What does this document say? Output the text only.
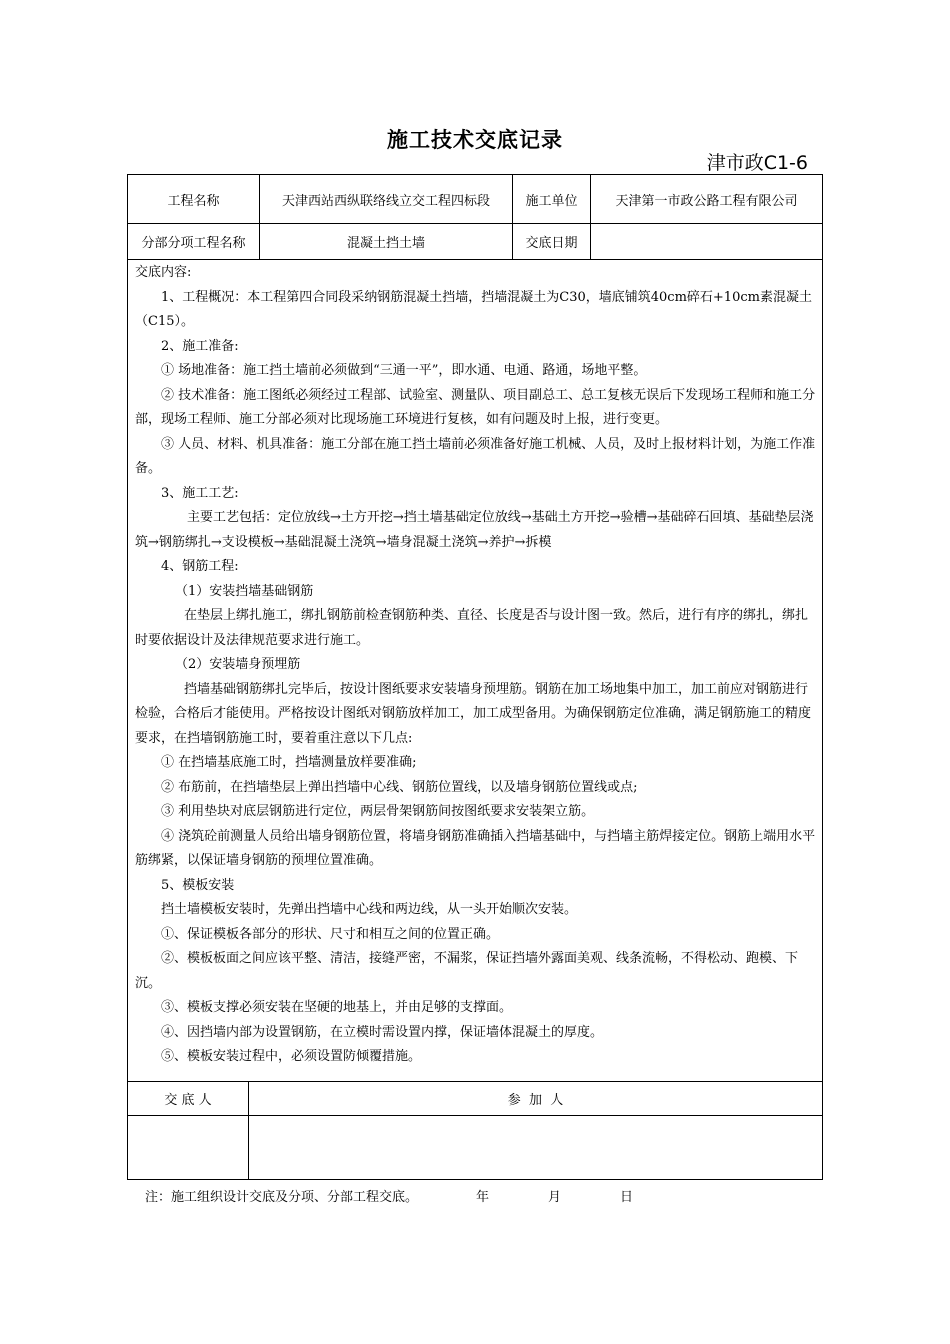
施工技术交底记录
津市政C1-6
工程名称	天津西站西纵联络线立交工程四标段	施工单位	天津第一市政公路工程有限公司
分部分项工程名称	混凝土挡土墙	交底日期

交底内容:

1、工程概况：本工程第四合同段采纳钢筋混凝土挡墙，挡墙混凝土为C30，墙底铺筑40cm碎石+10cm素混凝土（C15）。

2、施工准备:

① 场地准备：施工挡土墙前必须做到“三通一平”，即水通、电通、路通，场地平整。

② 技术准备：施工图纸必须经过工程部、试验室、测量队、项目副总工、总工复核无误后下发现场工程师和施工分部，现场工程师、施工分部必须对比现场施工环境进行复核，如有问题及时上报，进行变更。

③ 人员、材料、机具准备：施工分部在施工挡土墙前必须准备好施工机械、人员，及时上报材料计划，为施工作准备。

3、施工工艺:

主要工艺包括：定位放线→土方开挖→挡土墙基础定位放线→基础土方开挖→验槽→基础碎石回填、基础垫层浇筑→钢筋绑扎→支设模板→基础混凝土浇筑→墙身混凝土浇筑→养护→拆模

4、钢筋工程:

（1）安装挡墙基础钢筋

在垫层上绑扎施工，绑扎钢筋前检查钢筋种类、直径、长度是否与设计图一致。然后，进行有序的绑扎，绑扎时要依据设计及法律规范要求进行施工。

（2）安装墙身预埋筋

挡墙基础钢筋绑扎完毕后，按设计图纸要求安装墙身预埋筋。钢筋在加工场地集中加工，加工前应对钢筋进行检验，合格后才能使用。严格按设计图纸对钢筋放样加工，加工成型备用。为确保钢筋定位准确，满足钢筋施工的精度要求，在挡墙钢筋施工时，要着重注意以下几点:

① 在挡墙基底施工时，挡墙测量放样要准确;

② 布筋前，在挡墙垫层上弹出挡墙中心线、钢筋位置线，以及墙身钢筋位置线或点;

③ 利用垫块对底层钢筋进行定位，两层骨架钢筋间按图纸要求安装架立筋。

④ 浇筑砼前测量人员给出墙身钢筋位置，将墙身钢筋准确插入挡墙基础中，与挡墙主筋焊接定位。钢筋上端用水平筋绑紧，以保证墙身钢筋的预埋位置准确。

5、模板安装

挡土墙模板安装时，先弹出挡墙中心线和两边线，从一头开始顺次安装。

①、保证模板各部分的形状、尺寸和相互之间的位置正确。

②、模板板面之间应该平整、清洁，接缝严密，不漏浆，保证挡墙外露面美观、线条流畅，不得松动、跑模、下沉。

③、模板支撑必须安装在坚硬的地基上，并由足够的支撑面。

④、因挡墙内部为设置钢筋，在立模时需设置内撑，保证墙体混凝土的厚度。

⑤、模板安装过程中，必须设置防倾覆措施。

交 底 人	参  加  人
注：施工组织设计交底及分项、分部工程交底。	年	月	日
